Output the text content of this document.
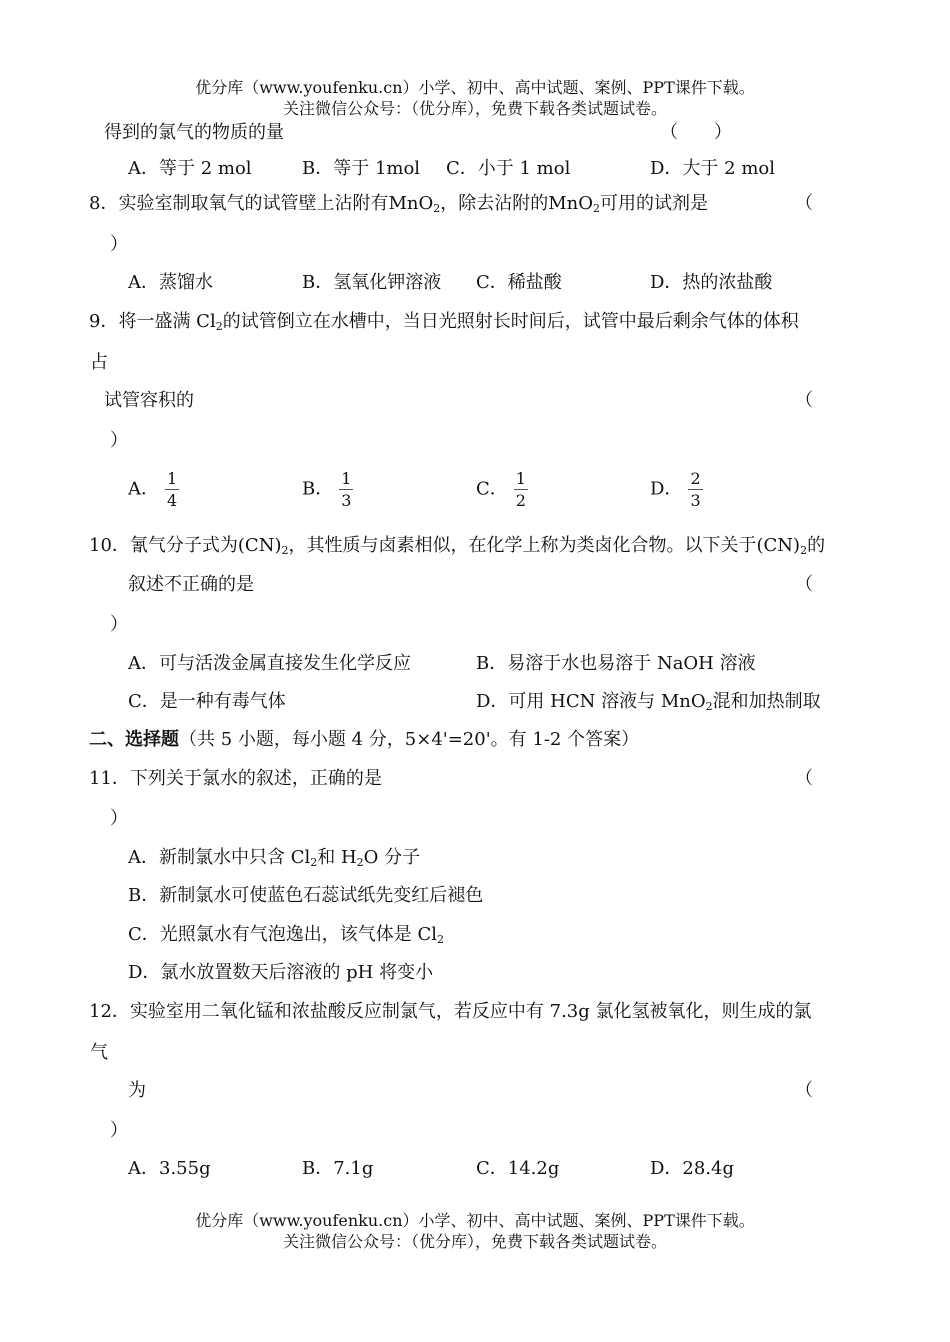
优分库（www.youfenku.cn）小学、初中、高中试题、案例、PPT课件下载。
关注微信公众号：（优分库），免费下载各类试题试卷。
得到的氯气的物质的量	（　　）
A．等于 2 mol	B．等于 1mol C．小于 1 mol	D．大于 2 mol
8．实验室制取氧气的试管壁上沾附有MnO$_2$，除去沾附的MnO$_2$可用的试剂是	（
）
A．蒸馏水	B．氢氧化钾溶液 C．稀盐酸	D．热的浓盐酸
9．将一盛满 $Cl_2$的试管倒立在水槽中，当日光照射长时间后，试管中最后剩余气体的体积
占
试管容积的	（
）
A． $\frac{1}{4}$	B． $\frac{1}{3}$	C． $\frac{1}{2}$	D． $\frac{2}{3}$
10．氰气分子式为$(CN)_2$，其性质与卤素相似，在化学上称为类卤化合物。以下关于$(CN)_2$的
叙述不正确的是	（
）
A．可与活泼金属直接发生化学反应	B．易溶于水也易溶于 NaOH 溶液
C．是一种有毒气体	D．可用 HCN 溶液与 MnO$_2$混和加热制取
二、选择题（共 5 小题，每小题 4 分，5×4'=20'。有 1-2 个答案）
11．下列关于氯水的叙述，正确的是	（
）
A．新制氯水中只含 $Cl_2$和 $H_2O$ 分子
B．新制氯水可使蓝色石蕊试纸先变红后褪色
C．光照氯水有气泡逸出，该气体是 $Cl_2$
D．氯水放置数天后溶液的 pH 将变小
12．实验室用二氧化锰和浓盐酸反应制氯气，若反应中有 7.3g 氯化氢被氧化，则生成的氯
气
为	（
）
A．3.55g	B．7.1g	C．14.2g	D．28.4g
优分库（www.youfenku.cn）小学、初中、高中试题、案例、PPT课件下载。
关注微信公众号：（优分库），免费下载各类试题试卷。
